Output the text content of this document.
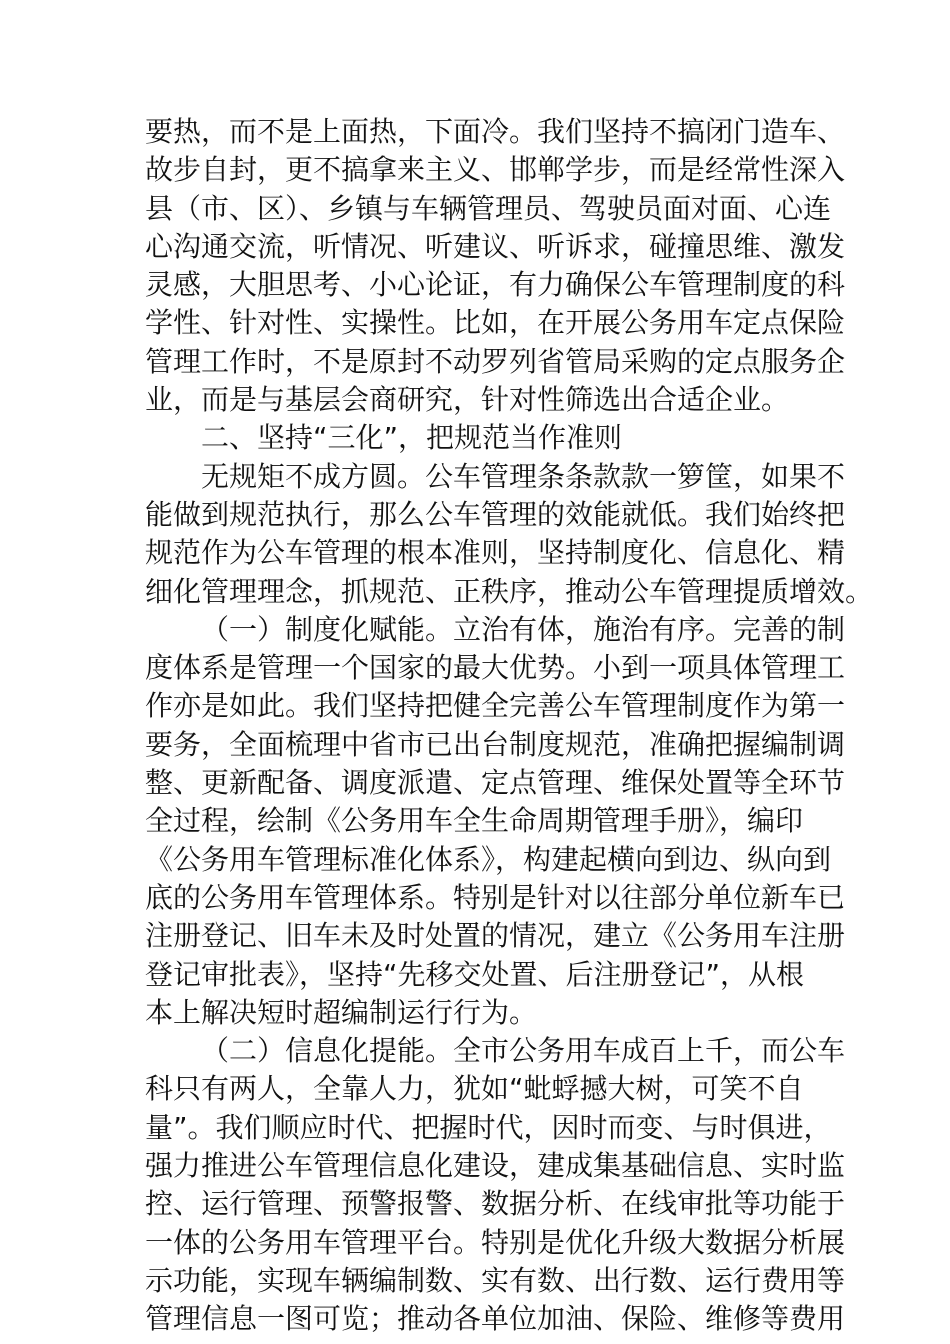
要热，而不是上面热，下面冷。我们坚持不搞闭门造车、
故步自封，更不搞拿来主义、邯郸学步，而是经常性深入
县（市、区）、乡镇与车辆管理员、驾驶员面对面、心连
心沟通交流，听情况、听建议、听诉求，碰撞思维、激发
灵感，大胆思考、小心论证，有力确保公车管理制度的科
学性、针对性、实操性。比如，在开展公务用车定点保险
管理工作时，不是原封不动罗列省管局采购的定点服务企
业，而是与基层会商研究，针对性筛选出合适企业。
二、坚持“三化”，把规范当作准则
无规矩不成方圆。公车管理条条款款一箩筐，如果不
能做到规范执行，那么公车管理的效能就低。我们始终把
规范作为公车管理的根本准则，坚持制度化、信息化、精
细化管理理念，抓规范、正秩序，推动公车管理提质增效。
（一）制度化赋能。立治有体，施治有序。完善的制
度体系是管理一个国家的最大优势。小到一项具体管理工
作亦是如此。我们坚持把健全完善公车管理制度作为第一
要务，全面梳理中省市已出台制度规范，准确把握编制调
整、更新配备、调度派遣、定点管理、维保处置等全环节
全过程，绘制《公务用车全生命周期管理手册》，编印
《公务用车管理标准化体系》，构建起横向到边、纵向到
底的公务用车管理体系。特别是针对以往部分单位新车已
注册登记、旧车未及时处置的情况，建立《公务用车注册
登记审批表》，坚持“先移交处置、后注册登记”，从根
本上解决短时超编制运行行为。
（二）信息化提能。全市公务用车成百上千，而公车
科只有两人，全靠人力，犹如“蚍蜉撼大树，可笑不自
量”。我们顺应时代、把握时代，因时而变、与时俱进，
强力推进公车管理信息化建设，建成集基础信息、实时监
控、运行管理、预警报警、数据分析、在线审批等功能于
一体的公务用车管理平台。特别是优化升级大数据分析展
示功能，实现车辆编制数、实有数、出行数、运行费用等
管理信息一图可览；推动各单位加油、保险、维修等费用
